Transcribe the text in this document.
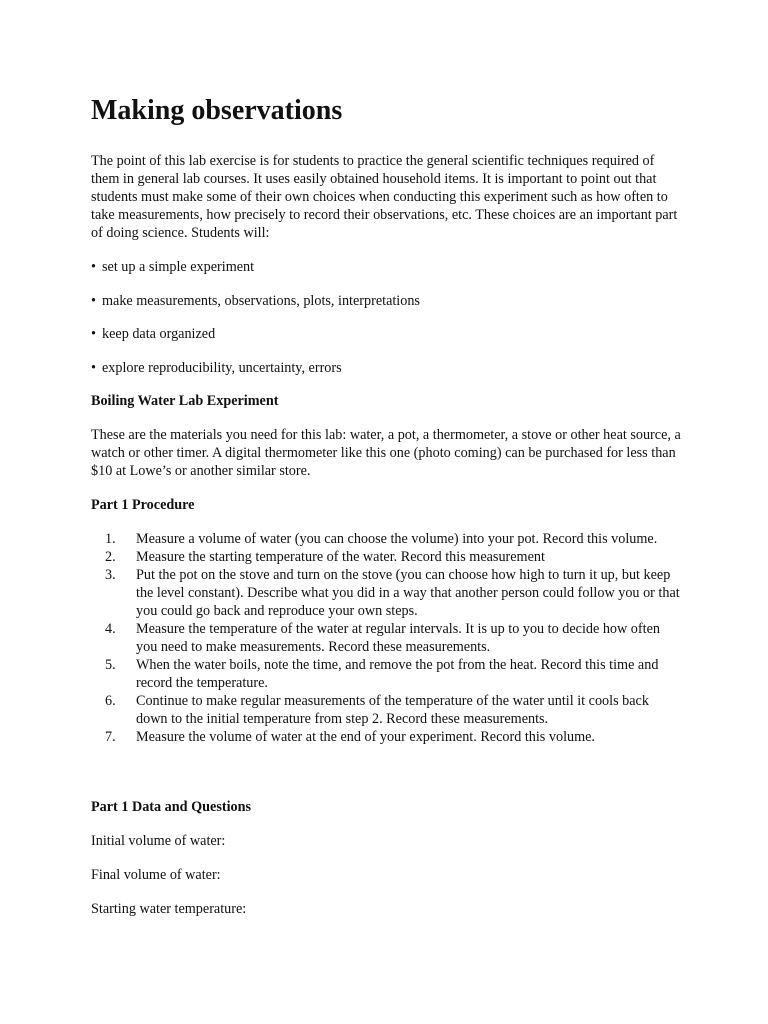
Making observations

The point of this lab exercise is for students to practice the general scientific techniques required of them in general lab courses. It uses easily obtained household items. It is important to point out that students must make some of their own choices when conducting this experiment such as how often to take measurements, how precisely to record their observations, etc. These choices are an important part of doing science. Students will:

• set up a simple experiment
• make measurements, observations, plots, interpretations
• keep data organized
• explore reproducibility, uncertainty, errors

Boiling Water Lab Experiment

These are the materials you need for this lab: water, a pot, a thermometer, a stove or other heat source, a watch or other timer. A digital thermometer like this one (photo coming) can be purchased for less than $10 at Lowe’s or another similar store.

Part 1 Procedure

1. Measure a volume of water (you can choose the volume) into your pot. Record this volume.
2. Measure the starting temperature of the water. Record this measurement
3. Put the pot on the stove and turn on the stove (you can choose how high to turn it up, but keep the level constant). Describe what you did in a way that another person could follow you or that you could go back and reproduce your own steps.
4. Measure the temperature of the water at regular intervals. It is up to you to decide how often you need to make measurements. Record these measurements.
5. When the water boils, note the time, and remove the pot from the heat. Record this time and record the temperature.
6. Continue to make regular measurements of the temperature of the water until it cools back down to the initial temperature from step 2. Record these measurements.
7. Measure the volume of water at the end of your experiment. Record this volume.

Part 1 Data and Questions

Initial volume of water:

Final volume of water:

Starting water temperature:
